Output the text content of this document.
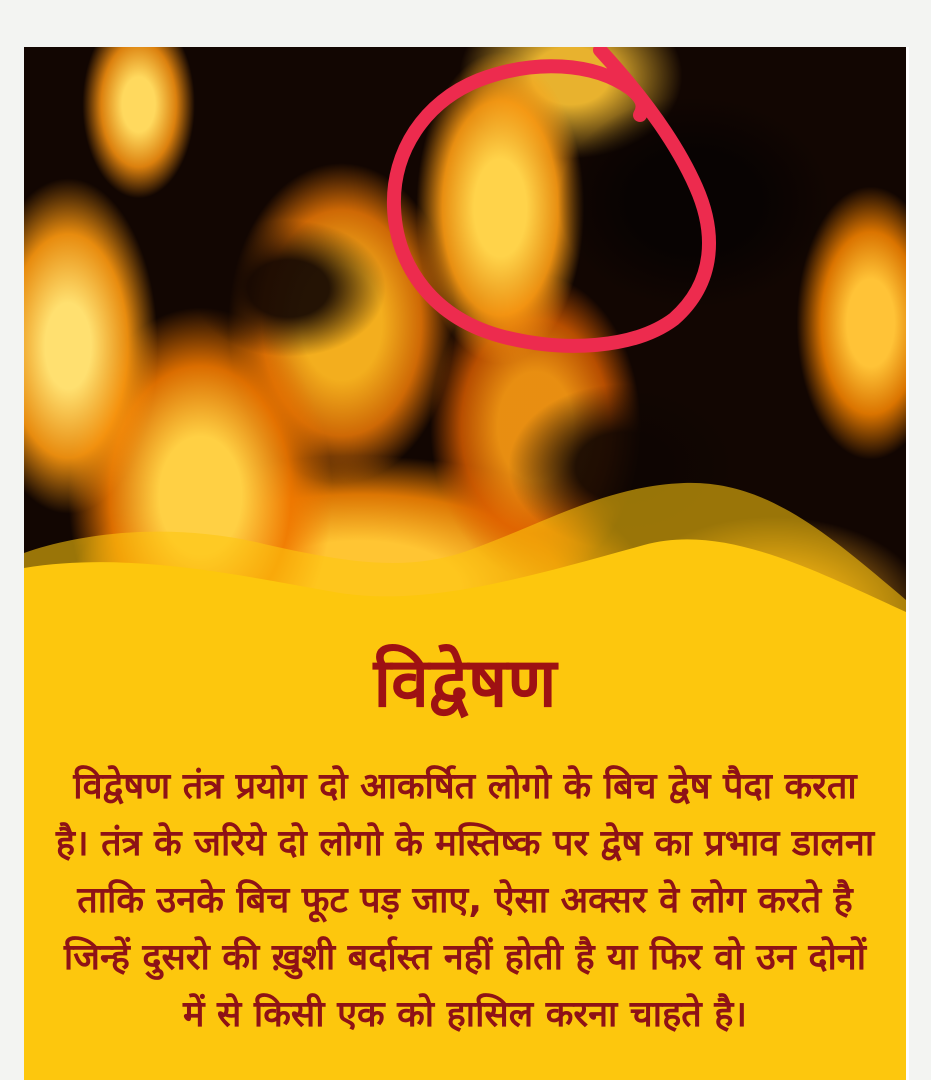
विद्वेषण
विद्वेषण तंत्र प्रयोग दो आकर्षित लोगो के बिच द्वेष पैदा करता
है। तंत्र के जरिये दो लोगो के मस्तिष्क पर द्वेष का प्रभाव डालना
ताकि उनके बिच फूट पड़ जाए, ऐसा अक्सर वे लोग करते है
जिन्हें दुसरो की ख़ुशी बर्दास्त नहीं होती है या फिर वो उन दोनों
में से किसी एक को हासिल करना चाहते है।
